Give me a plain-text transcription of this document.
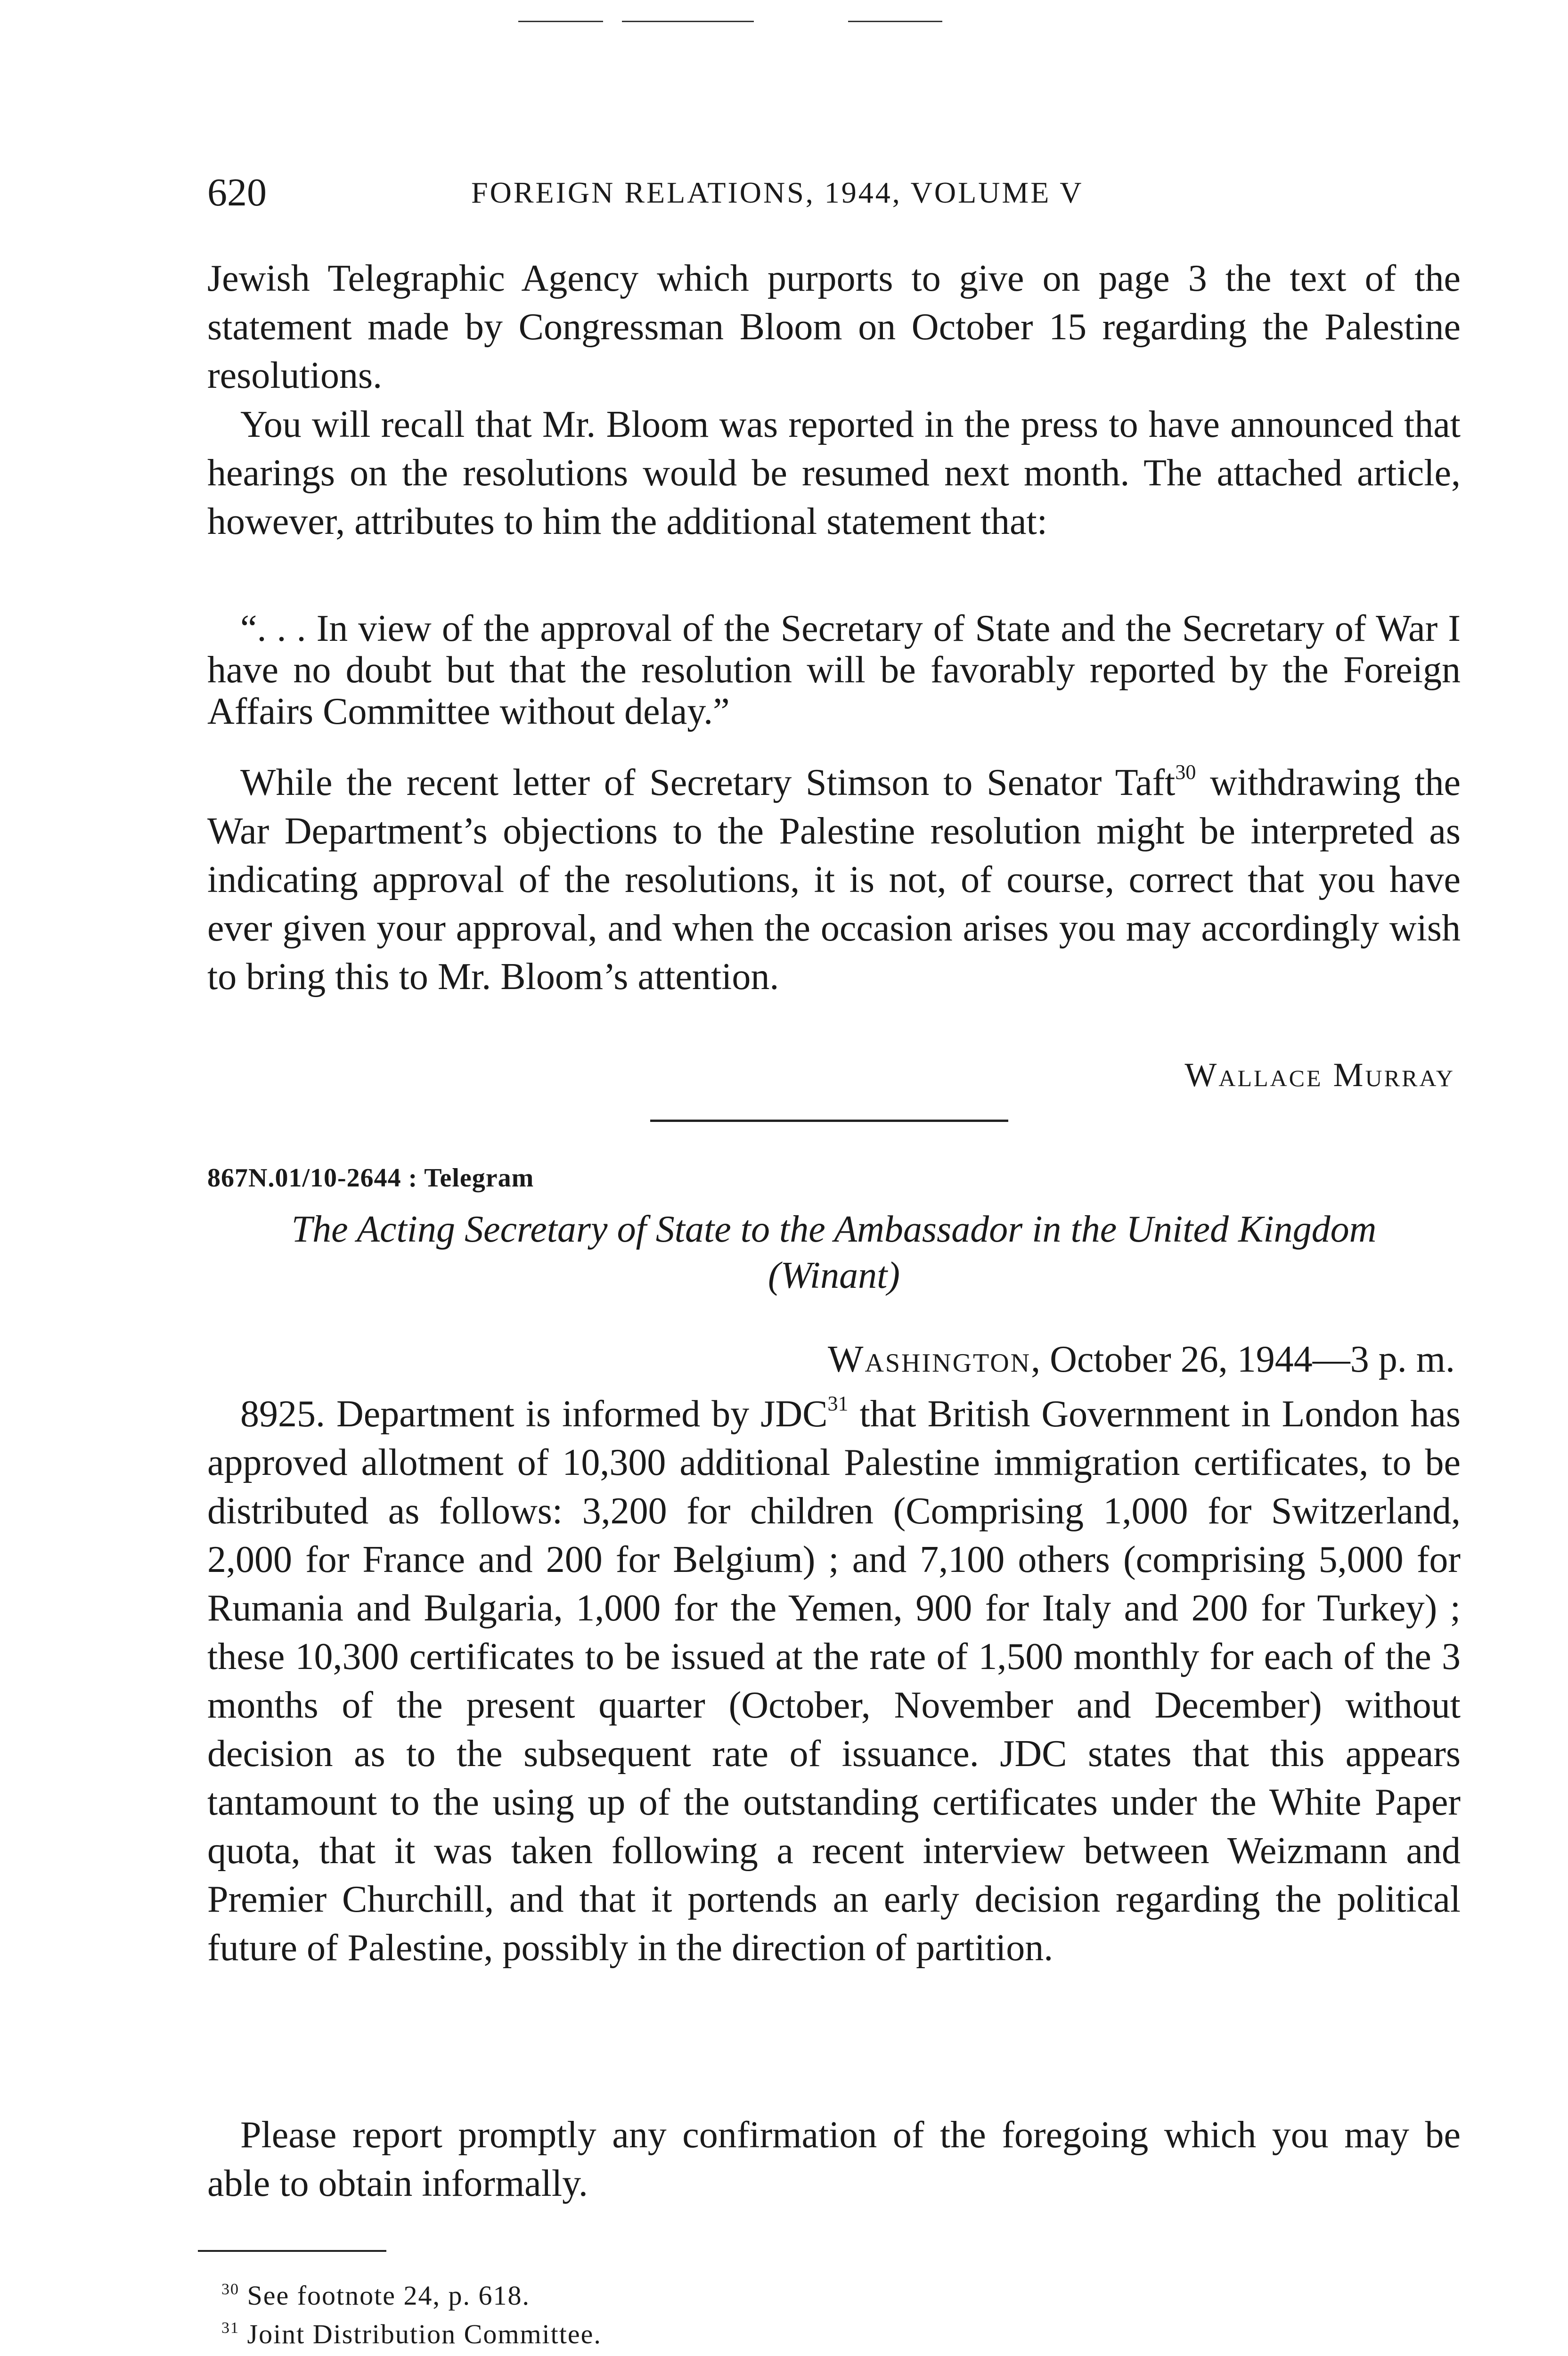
620	FOREIGN RELATIONS, 1944, VOLUME V

Jewish Telegraphic Agency which purports to give on page 3 the text of the statement made by Congressman Bloom on October 15 regarding the Palestine resolutions.

You will recall that Mr. Bloom was reported in the press to have announced that hearings on the resolutions would be resumed next month. The attached article, however, attributes to him the additional statement that:

“. . . In view of the approval of the Secretary of State and the Secretary of War I have no doubt but that the resolution will be favorably reported by the Foreign Affairs Committee without delay.”

While the recent letter of Secretary Stimson to Senator Taft$^{30}$ withdrawing the War Department’s objections to the Palestine resolution might be interpreted as indicating approval of the resolutions, it is not, of course, correct that you have ever given your approval, and when the occasion arises you may accordingly wish to bring this to Mr. Bloom’s attention.

Wallace Murray
867N.01/10-2644 : Telegram

The Acting Secretary of State to the Ambassador in the United Kingdom (Winant)

Washington, October 26, 1944—3 p. m.

8925. Department is informed by JDC$^{31}$ that British Government in London has approved allotment of 10,300 additional Palestine immigration certificates, to be distributed as follows: 3,200 for children (Comprising 1,000 for Switzerland, 2,000 for France and 200 for Belgium) ; and 7,100 others (comprising 5,000 for Rumania and Bulgaria, 1,000 for the Yemen, 900 for Italy and 200 for Turkey) ; these 10,300 certificates to be issued at the rate of 1,500 monthly for each of the 3 months of the present quarter (October, November and December) without decision as to the subsequent rate of issuance. JDC states that this appears tantamount to the using up of the outstanding certificates under the White Paper quota, that it was taken following a recent interview between Weizmann and Premier Churchill, and that it portends an early decision regarding the political future of Palestine, possibly in the direction of partition.

Please report promptly any confirmation of the foregoing which you may be able to obtain informally.

$^{30}$ See footnote 24, p. 618.
$^{31}$ Joint Distribution Committee.
